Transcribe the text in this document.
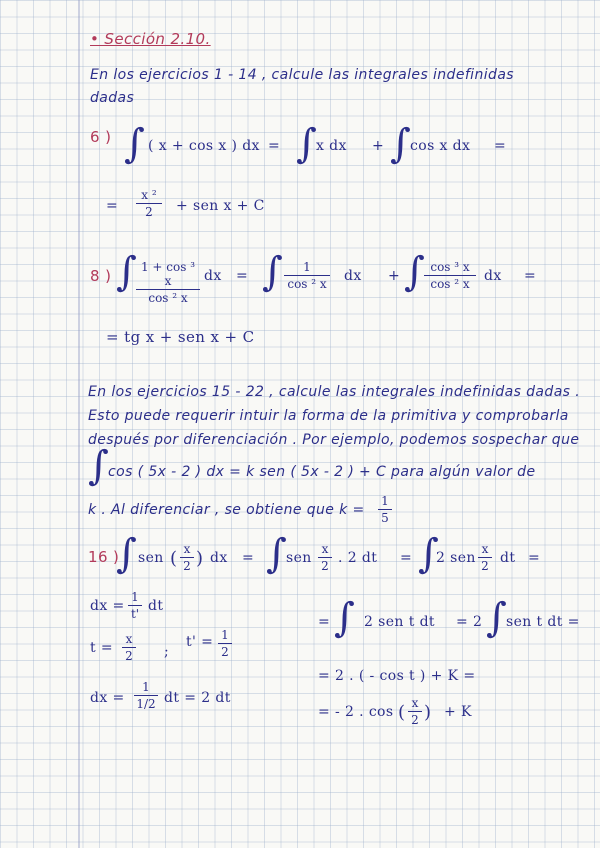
• Sección 2.10.
En los ejercicios 1 - 14 , calcule las integrales indefinidas
dadas
6 ) ∫ ( x + cos x ) dx = ∫ x dx + ∫ cos x dx =
=
x ²
2	+ sen x + C
8 ) ∫ 1 + cos ³ x
cos ² x
dx = ∫	1
cos ² x dx + ∫ cos ³ x
cos ² x	dx =
= tg x + sen x + C
En los ejercicios 15 - 22 , calcule las integrales indefinidas dadas .
Esto puede requerir intuir la forma de la primitiva y comprobarla
después por diferenciación . Por ejemplo, podemos sospechar que
∫ cos ( 5x - 2 ) dx = k sen ( 5x - 2 ) + C para algún valor de
k . Al diferenciar , se obtiene que k =
1
5
16 )
∫ sen ( x
2 ) dx = ∫ sen
x
2 . 2 dt = ∫
2 sen
x
2 dt =
dx =
1
t' dt
= ∫ 2 sen t dt = 2 ∫ sen t dt =
t =
x
2 ;
t' = 1
2
= 2 . ( - cos t ) + K =
dx =
1
1/2 dt = 2 dt
= - 2 . cos ( x
2 ) + K
